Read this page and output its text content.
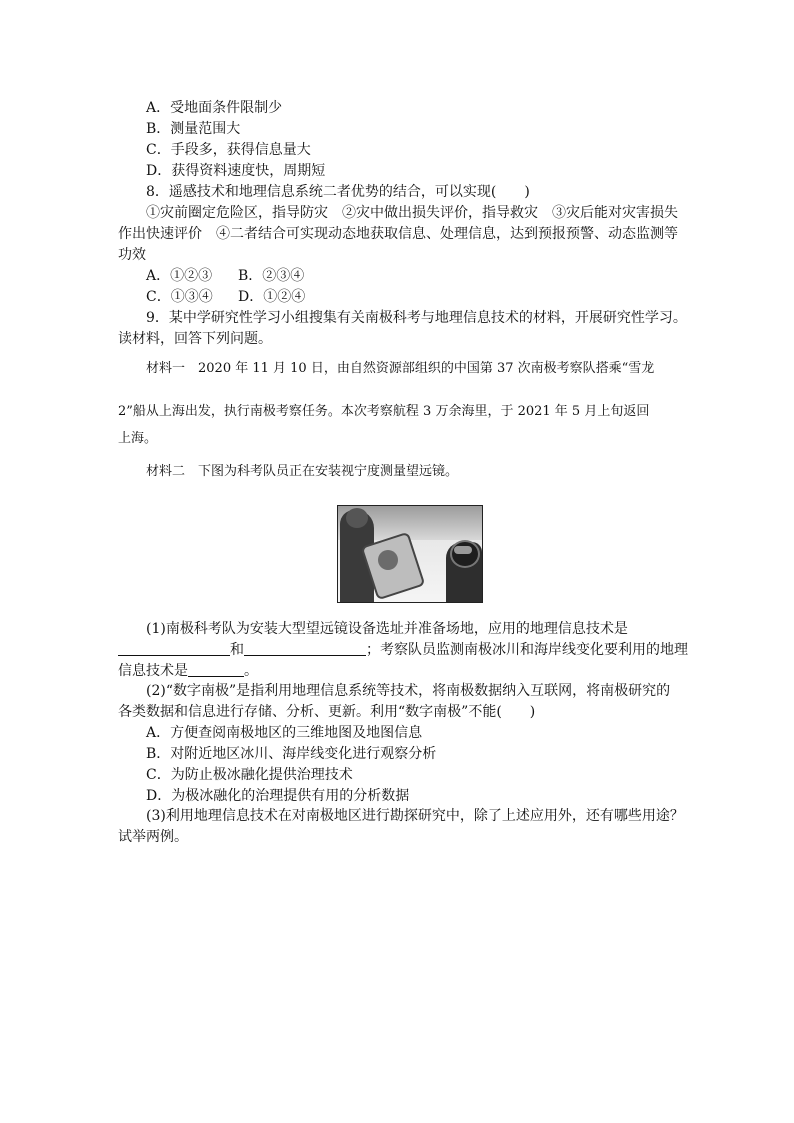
A．受地面条件限制少
B．测量范围大
C．手段多，获得信息量大
D．获得资料速度快，周期短
8．遥感技术和地理信息系统二者优势的结合，可以实现(　　)
①灾前圈定危险区，指导防灾　②灾中做出损失评价，指导救灾　③灾后能对灾害损失
作出快速评价　④二者结合可实现动态地获取信息、处理信息，达到预报预警、动态监测等
功效
A．①②③ B．②③④
C．①③④ D．①②④
9．某中学研究性学习小组搜集有关南极科考与地理信息技术的材料，开展研究性学习。
读材料，回答下列问题。
材料一　2020 年 11 月 10 日，由自然资源部组织的中国第 37 次南极考察队搭乘“雪龙
2”船从上海出发，执行南极考察任务。本次考察航程 3 万余海里，于 2021 年 5 月上旬返回
上海。
材料二　下图为科考队员正在安装视宁度测量望远镜。
(1)南极科考队为安装大型望远镜设备选址并准备场地，应用的地理信息技术是
和	；考察队员监测南极冰川和海岸线变化要利用的地理
信息技术是	。
(2)“数字南极”是指利用地理信息系统等技术，将南极数据纳入互联网，将南极研究的
各类数据和信息进行存储、分析、更新。利用“数字南极”不能(　　)
A．方便查阅南极地区的三维地图及地图信息
B．对附近地区冰川、海岸线变化进行观察分析
C．为防止极冰融化提供治理技术
D．为极冰融化的治理提供有用的分析数据
(3)利用地理信息技术在对南极地区进行勘探研究中，除了上述应用外，还有哪些用途？
试举两例。
